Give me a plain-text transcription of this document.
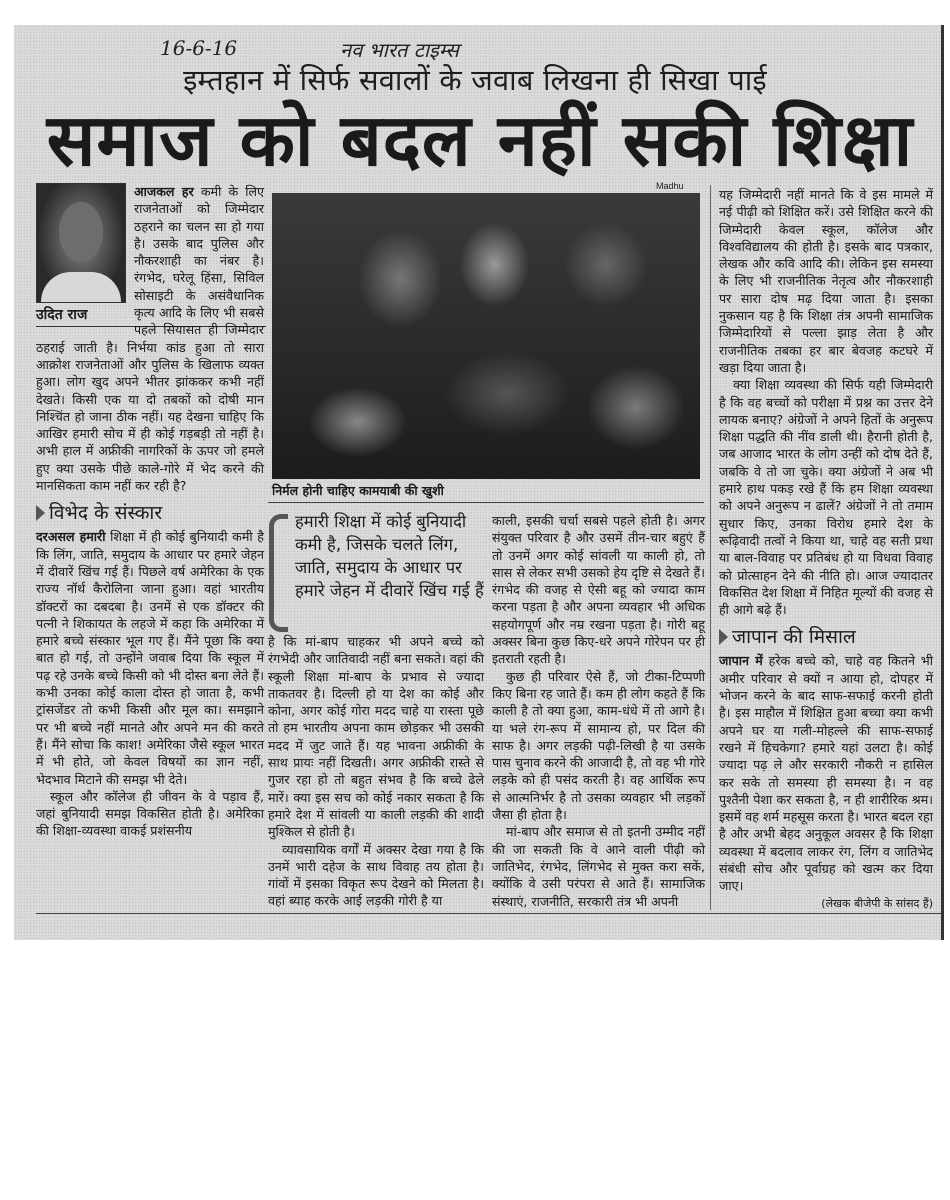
16-6-16	नव भारत टाइम्स
इम्तहान में सिर्फ सवालों के जवाब लिखना ही सिखा पाई
समाज को बदल नहीं सकी शिक्षा
Madhu
निर्मल होनी चाहिए कामयाबी की खुशी
उदित राज

आजकल हर कमी के लिए राजनेताओं को जिम्मेदार ठहराने का चलन सा हो गया है। उसके बाद पुलिस और नौकरशाही का नंबर है। रंगभेद, घरेलू हिंसा, सिविल सोसाइटी के असंवैधानिक कृत्य आदि के लिए भी सबसे पहले सियासत ही जिम्मेदार ठहराई जाती है। निर्भया कांड हुआ तो सारा आक्रोश राजनेताओं और पुलिस के खिलाफ व्यक्त हुआ। लोग खुद अपने भीतर झांककर कभी नहीं देखते। किसी एक या दो तबकों को दोषी मान निश्चिंत हो जाना ठीक नहीं। यह देखना चाहिए कि आखिर हमारी सोच में ही कोई गड़बड़ी तो नहीं है। अभी हाल में अफ्रीकी नागरिकों के ऊपर जो हमले हुए क्या उसके पीछे काले-गोरे में भेद करने की मानसिकता काम नहीं कर रही है?

विभेद के संस्कार

दरअसल हमारी शिक्षा में ही कोई बुनियादी कमी है कि लिंग, जाति, समुदाय के आधार पर हमारे जेहन में दीवारें खिंच गई हैं। पिछले वर्ष अमेरिका के एक राज्य नॉर्थ कैरोलिना जाना हुआ। वहां भारतीय डॉक्टरों का दबदबा है। उनमें से एक डॉक्टर की पत्नी ने शिकायत के लहजे में कहा कि अमेरिका में हमारे बच्चे संस्कार भूल गए हैं। मैंने पूछा कि क्या बात हो गई, तो उन्होंने जवाब दिया कि स्कूल में पढ़ रहे उनके बच्चे किसी को भी दोस्त बना लेते हैं। कभी उनका कोई काला दोस्त हो जाता है, कभी ट्रांसजेंडर तो कभी किसी और मूल का। समझाने पर भी बच्चे नहीं मानते और अपने मन की करते हैं। मैंने सोचा कि काश! अमेरिका जैसे स्कूल भारत में भी होते, जो केवल विषयों का ज्ञान नहीं, भेदभाव मिटाने की समझ भी देते।

स्कूल और कॉलेज ही जीवन के वे पड़ाव हैं, जहां बुनियादी समझ विकसित होती है। अमेरिका की शिक्षा-व्यवस्था वाकई प्रशंसनीय

हमारी शिक्षा में कोई बुनियादी कमी है, जिसके चलते लिंग, जाति, समुदाय के आधार पर हमारे जेहन में दीवारें खिंच गई हैं

है कि मां-बाप चाहकर भी अपने बच्चे को रंगभेदी और जातिवादी नहीं बना सकते। वहां की स्कूली शिक्षा मां-बाप के प्रभाव से ज्यादा ताकतवर है। दिल्ली हो या देश का कोई और कोना, अगर कोई गोरा मदद चाहे या रास्ता पूछे तो हम भारतीय अपना काम छोड़कर भी उसकी मदद में जुट जाते हैं। यह भावना अफ्रीकी के साथ प्रायः नहीं दिखती। अगर अफ्रीकी रास्ते से गुजर रहा हो तो बहुत संभव है कि बच्चे ढेले मारें। क्या इस सच को कोई नकार सकता है कि हमारे देश में सांवली या काली लड़की की शादी मुश्किल से होती है।

व्यावसायिक वर्गों में अक्सर देखा गया है कि उनमें भारी दहेज के साथ विवाह तय होता है। गांवों में इसका विकृत रूप देखने को मिलता है। वहां ब्याह करके आई लड़की गोरी है या

काली, इसकी चर्चा सबसे पहले होती है। अगर संयुक्त परिवार है और उसमें तीन-चार बहुएं हैं तो उनमें अगर कोई सांवली या काली हो, तो सास से लेकर सभी उसको हेय दृष्टि से देखते हैं। रंगभेद की वजह से ऐसी बहू को ज्यादा काम करना पड़ता है और अपना व्यवहार भी अधिक सहयोगपूर्ण और नम्र रखना पड़ता है। गोरी बहू अक्सर बिना कुछ किए-धरे अपने गोरेपन पर ही इतराती रहती है।

कुछ ही परिवार ऐसे हैं, जो टीका-टिप्पणी किए बिना रह जाते हैं। कम ही लोग कहते हैं कि काली है तो क्या हुआ, काम-धंधे में तो आगे है। या भले रंग-रूप में सामान्य हो, पर दिल की साफ है। अगर लड़की पढ़ी-लिखी है या उसके पास चुनाव करने की आजादी है, तो वह भी गोरे लड़के को ही पसंद करती है। वह आर्थिक रूप से आत्मनिर्भर है तो उसका व्यवहार भी लड़कों जैसा ही होता है।

मां-बाप और समाज से तो इतनी उम्मीद नहीं की जा सकती कि वे आने वाली पीढ़ी को जातिभेद, रंगभेद, लिंगभेद से मुक्त करा सकें, क्योंकि वे उसी परंपरा से आते हैं। सामाजिक संस्थाएं, राजनीति, सरकारी तंत्र भी अपनी

यह जिम्मेदारी नहीं मानते कि वे इस मामले में नई पीढ़ी को शिक्षित करें। उसे शिक्षित करने की जिम्मेदारी केवल स्कूल, कॉलेज और विश्वविद्यालय की होती है। इसके बाद पत्रकार, लेखक और कवि आदि की। लेकिन इस समस्या के लिए भी राजनीतिक नेतृत्व और नौकरशाही पर सारा दोष मढ़ दिया जाता है। इसका नुकसान यह है कि शिक्षा तंत्र अपनी सामाजिक जिम्मेदारियों से पल्ला झाड़ लेता है और राजनीतिक तबका हर बार बेवजह कटघरे में खड़ा दिया जाता है।

क्या शिक्षा व्यवस्था की सिर्फ यही जिम्मेदारी है कि वह बच्चों को परीक्षा में प्रश्न का उत्तर देने लायक बनाए? अंग्रेजों ने अपने हितों के अनुरूप शिक्षा पद्धति की नींव डाली थी। हैरानी होती है, जब आजाद भारत के लोग उन्हीं को दोष देते हैं, जबकि वे तो जा चुके। क्या अंग्रेजों ने अब भी हमारे हाथ पकड़ रखे हैं कि हम शिक्षा व्यवस्था को अपने अनुरूप न ढालें? अंग्रेजों ने तो तमाम सुधार किए, उनका विरोध हमारे देश के रूढ़िवादी तत्वों ने किया था, चाहे वह सती प्रथा या बाल-विवाह पर प्रतिबंध हो या विधवा विवाह को प्रोत्साहन देने की नीति हो। आज ज्यादातर विकसित देश शिक्षा में निहित मूल्यों की वजह से ही आगे बढ़े हैं।

जापान की मिसाल

जापान में हरेक बच्चे को, चाहे वह कितने भी अमीर परिवार से क्यों न आया हो, दोपहर में भोजन करने के बाद साफ-सफाई करनी होती है। इस माहौल में शिक्षित हुआ बच्चा क्या कभी अपने घर या गली-मोहल्ले की साफ-सफाई रखने में हिचकेगा? हमारे यहां उलटा है। कोई ज्यादा पढ़ ले और सरकारी नौकरी न हासिल कर सके तो समस्या ही समस्या है। न वह पुश्तैनी पेशा कर सकता है, न ही शारीरिक श्रम। इसमें वह शर्म महसूस करता है। भारत बदल रहा है और अभी बेहद अनुकूल अवसर है कि शिक्षा व्यवस्था में बदलाव लाकर रंग, लिंग व जातिभेद संबंधी सोच और पूर्वाग्रह को खत्म कर दिया जाए।

(लेखक बीजेपी के सांसद हैं)
